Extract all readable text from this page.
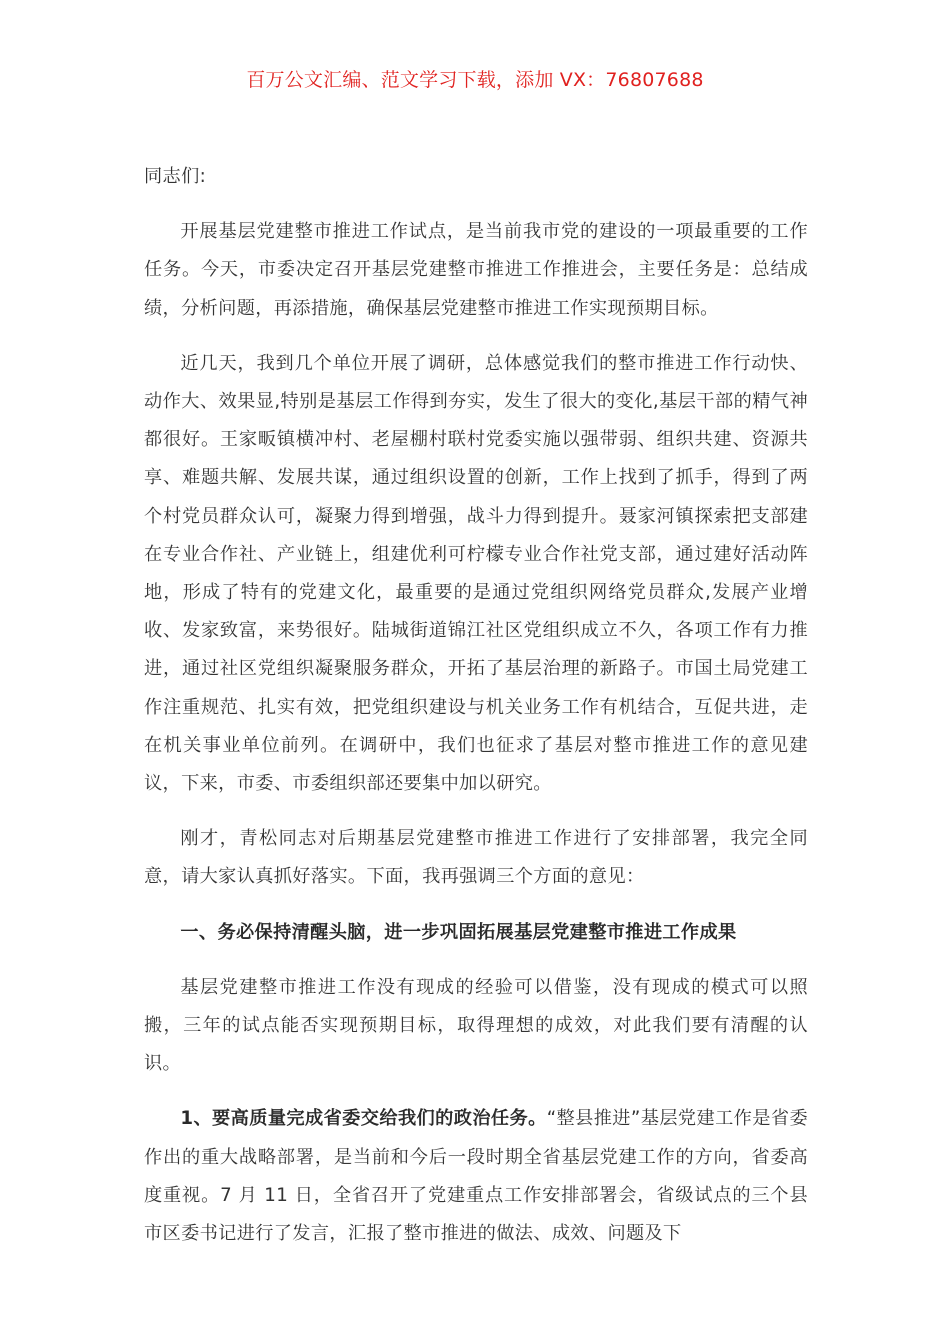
百万公文汇编、范文学习下载，添加 VX：76807688

同志们:

开展基层党建整市推进工作试点，是当前我市党的建设的一项最重要的工作任务。今天，市委决定召开基层党建整市推进工作推进会，主要任务是：总结成绩，分析问题，再添措施，确保基层党建整市推进工作实现预期目标。

近几天，我到几个单位开展了调研，总体感觉我们的整市推进工作行动快、动作大、效果显,特别是基层工作得到夯实，发生了很大的变化,基层干部的精气神都很好。王家畈镇横冲村、老屋棚村联村党委实施以强带弱、组织共建、资源共享、难题共解、发展共谋，通过组织设置的创新，工作上找到了抓手，得到了两个村党员群众认可，凝聚力得到增强，战斗力得到提升。聂家河镇探索把支部建在专业合作社、产业链上，组建优利可柠檬专业合作社党支部，通过建好活动阵地，形成了特有的党建文化，最重要的是通过党组织网络党员群众,发展产业增收、发家致富，来势很好。陆城街道锦江社区党组织成立不久，各项工作有力推进，通过社区党组织凝聚服务群众，开拓了基层治理的新路子。市国土局党建工作注重规范、扎实有效，把党组织建设与机关业务工作有机结合，互促共进，走在机关事业单位前列。在调研中，我们也征求了基层对整市推进工作的意见建议，下来，市委、市委组织部还要集中加以研究。

刚才，青松同志对后期基层党建整市推进工作进行了安排部署，我完全同意，请大家认真抓好落实。下面，我再强调三个方面的意见：

一、务必保持清醒头脑，进一步巩固拓展基层党建整市推进工作成果

基层党建整市推进工作没有现成的经验可以借鉴，没有现成的模式可以照搬，三年的试点能否实现预期目标，取得理想的成效，对此我们要有清醒的认识。

1、要高质量完成省委交给我们的政治任务。“整县推进”基层党建工作是省委作出的重大战略部署，是当前和今后一段时期全省基层党建工作的方向，省委高度重视。7 月 11 日，全省召开了党建重点工作安排部署会，省级试点的三个县市区委书记进行了发言，汇报了整市推进的做法、成效、问题及下
